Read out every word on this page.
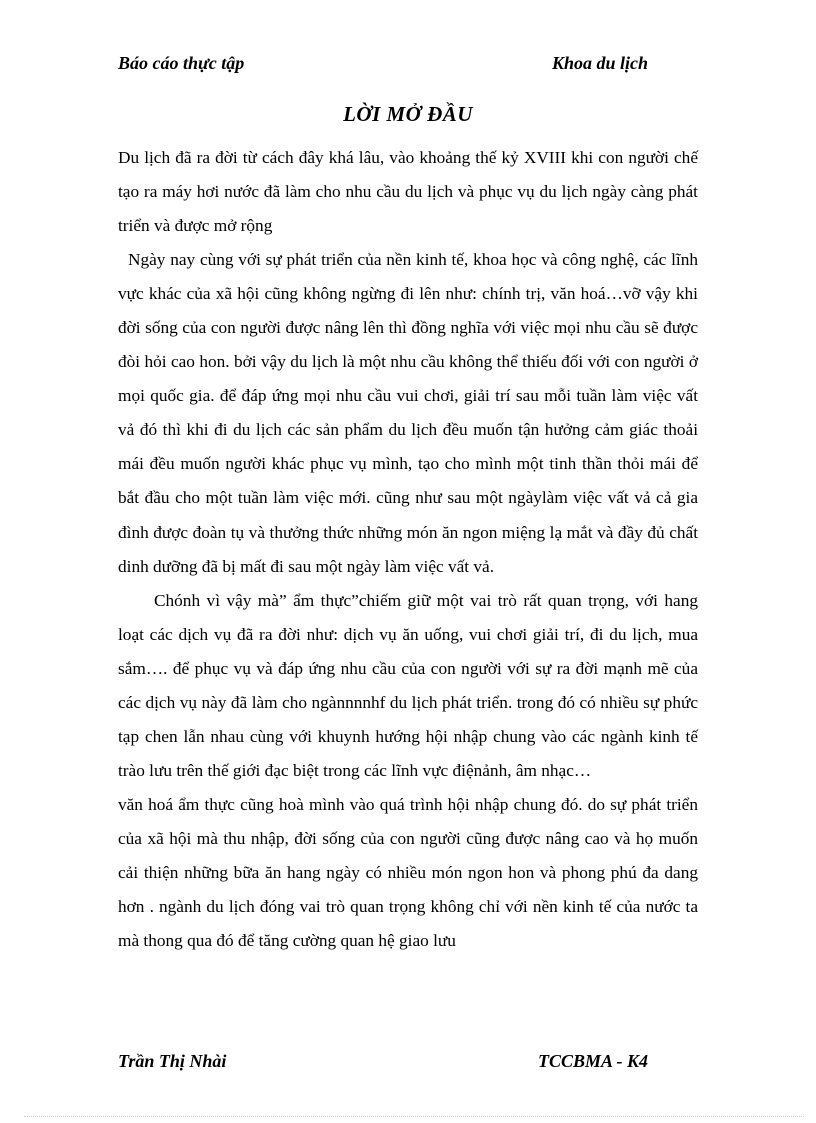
Báo cáo thực tập	Khoa du lịch
LỜI MỞ ĐẦU

Du lịch đã ra đời từ cách đây khá lâu, vào khoảng thế kỷ XVIII khi con người chế tạo ra máy hơi nước đã làm cho nhu cầu du lịch và phục vụ du lịch ngày càng phát triển và được mở rộng

Ngày nay cùng với sự phát triển của nền kinh tế, khoa học và công nghệ, các lĩnh vực khác của xã hội cũng không ngừng đi lên như: chính trị, văn hoá…vỡ vậy khi đời sống của con người được nâng lên thì đồng nghĩa với việc mọi nhu cầu sẽ được đòi hỏi cao hon. bởi vậy du lịch là một nhu cầu không thể thiếu đối với con người ở mọi quốc gia. để đáp ứng mọi nhu cầu vui chơi, giải trí sau mỗi tuần làm việc vất vả đó thì khi đi du lịch các sản phẩm du lịch đều muốn tận hưởng cảm giác thoải mái đều muốn người khác phục vụ mình, tạo cho mình một tinh thần thỏi mái để bắt đầu cho một tuần làm việc mới. cũng như sau một ngàylàm việc vất vả cả gia đình được đoàn tụ và thưởng thức những món ăn ngon miệng lạ mắt và đầy đủ chất dinh dưỡng đã bị mất đi sau một ngày làm việc vất vả.

Chónh vì vậy mà” ẩm thực”chiếm giữ một vai trò rất quan trọng, với hang loạt các dịch vụ đã ra đời như: dịch vụ ăn uống, vui chơi giải trí, đi du lịch, mua sắm…. để phục vụ và đáp ứng nhu cầu của con người với sự ra đời mạnh mẽ của các dịch vụ này đã làm cho ngànnnnhf du lịch phát triển. trong đó có nhiều sự phức tạp chen lẫn nhau cùng với khuynh hướng hội nhập chung vào các ngành kinh tế trào lưu trên thế giới đạc biệt trong các lĩnh vực điệnảnh, âm nhạc…

văn hoá ẩm thực cũng hoà mình vào quá trình hội nhập chung đó. do sự phát triển của xã hội mà thu nhập, đời sống của con người cũng được nâng cao và họ muốn cải thiện những bữa ăn hang ngày có nhiều món ngon hon và phong phú đa dang hơn . ngành du lịch đóng vai trò quan trọng không chỉ với nền kinh tế của nước ta mà thong qua đó để tăng cường quan hệ giao lưu

Trần Thị Nhài	TCCBMA - K4
